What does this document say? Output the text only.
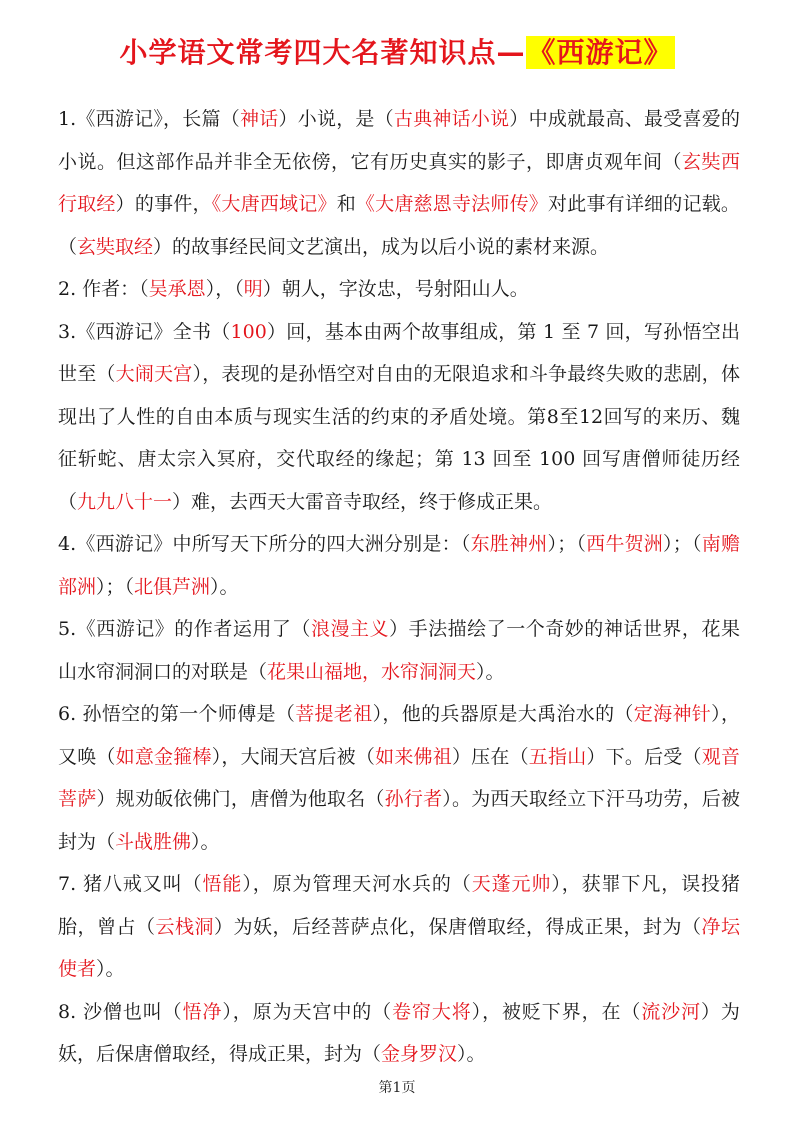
小学语文常考四大名著知识点—《西游记》

1.《西游记》，长篇（神话）小说，是（古典神话小说）中成就最高、最受喜爱的小说。但这部作品并非全无依傍，它有历史真实的影子，即唐贞观年间（玄奘西行取经）的事件，《大唐西域记》和《大唐慈恩寺法师传》对此事有详细的记载。（玄奘取经）的故事经民间文艺演出，成为以后小说的素材来源。

2. 作者：（吴承恩），（明）朝人，字汝忠，号射阳山人。

3.《西游记》全书（100）回，基本由两个故事组成，第 1 至 7 回，写孙悟空出世至（大闹天宫），表现的是孙悟空对自由的无限追求和斗争最终失败的悲剧，体现出了人性的自由本质与现实生活的约束的矛盾处境。第8至12回写的来历、魏征斩蛇、唐太宗入冥府，交代取经的缘起；第 13 回至 100 回写唐僧师徒历经（九九八十一）难，去西天大雷音寺取经，终于修成正果。

4.《西游记》中所写天下所分的四大洲分别是：（东胜神州）；（西牛贺洲）；（南赡部洲）；（北俱芦洲）。

5.《西游记》的作者运用了（浪漫主义）手法描绘了一个奇妙的神话世界，花果山水帘洞洞口的对联是（花果山福地，水帘洞洞天）。

6. 孙悟空的第一个师傅是（菩提老祖），他的兵器原是大禹治水的（定海神针），又唤（如意金箍棒），大闹天宫后被（如来佛祖）压在（五指山）下。后受（观音菩萨）规劝皈依佛门，唐僧为他取名（孙行者）。为西天取经立下汗马功劳，后被封为（斗战胜佛）。

7. 猪八戒又叫（悟能），原为管理天河水兵的（天蓬元帅），获罪下凡，误投猪胎，曾占（云栈洞）为妖，后经菩萨点化，保唐僧取经，得成正果，封为（净坛使者）。

8. 沙僧也叫（悟净），原为天宫中的（卷帘大将），被贬下界，在（流沙河）为妖，后保唐僧取经，得成正果，封为（金身罗汉）。

第1页
